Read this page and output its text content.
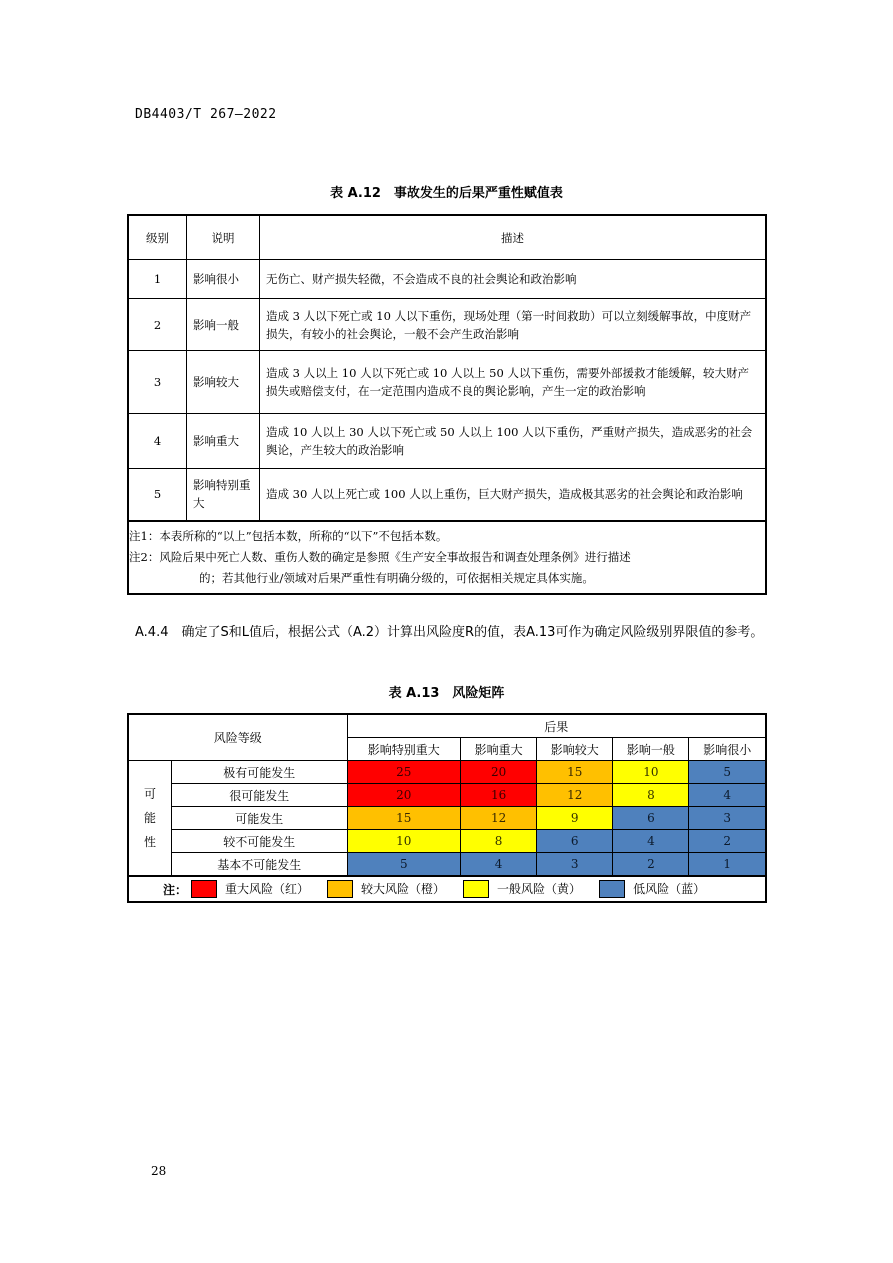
DB4403/T 267—2022
表 A.12　事故发生的后果严重性赋值表
级别	说明	描述
1	影响很小	无伤亡、财产损失轻微，不会造成不良的社会舆论和政治影响
2	影响一般	造成 3 人以下死亡或 10 人以下重伤，现场处理（第一时间救助）可以立刻缓解事故，中度财产损失，有较小的社会舆论，一般不会产生政治影响
3	影响较大	造成 3 人以上 10 人以下死亡或 10 人以上 50 人以下重伤，需要外部援救才能缓解，较大财产损失或赔偿支付，在一定范围内造成不良的舆论影响，产生一定的政治影响
4	影响重大	造成 10 人以上 30 人以下死亡或 50 人以上 100 人以下重伤，严重财产损失，造成恶劣的社会舆论，产生较大的政治影响
5	影响特别重大	造成 30 人以上死亡或 100 人以上重伤，巨大财产损失，造成极其恶劣的社会舆论和政治影响

注1：本表所称的“以上”包括本数，所称的“以下”不包括本数。
注2：风险后果中死亡人数、重伤人数的确定是参照《生产安全事故报告和调查处理条例》进行描述
的；若其他行业/领域对后果严重性有明确分级的，可依据相关规定具体实施。		
A.4.4　确定了S和L值后，根据公式（A.2）计算出风险度R的值，表A.13可作为确定风险级别界限值的参考。
表 A.13　风险矩阵
风险等级		后果				
		影响特别重大	影响重大	影响较大	影响一般	影响很小

可能性	极有可能发生	25	20	15	10	5
	很可能发生	20	16	12	8	4
	可能发生	15	12	9	6	3
	较不可能发生	10	8	6	4	2
	基本不可能发生	5	4	3	2	1
注： 重大风险（红） 较大风险（橙） 一般风险（黄） 低风险（蓝）						
28
